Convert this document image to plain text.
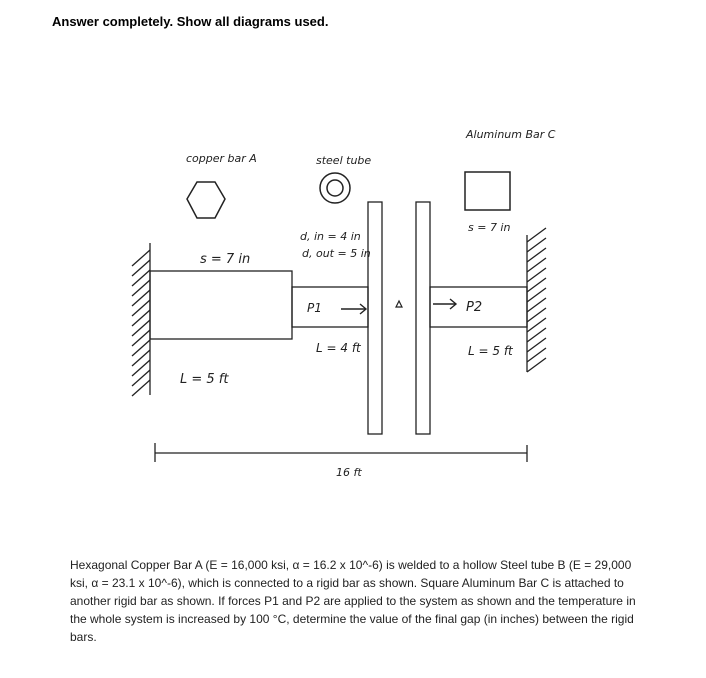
Answer completely. Show all diagrams used.
copper bar A	steel tube
Aluminum Bar C
s = 7 in
d, in = 4 in
d, out = 5 in
s = 7 in
P1	P2
L = 5 ft
L = 4 ft	L = 5 ft
16 ft
Hexagonal Copper Bar A (E = 16,000 ksi, α = 16.2 x 10^-6) is welded to a hollow Steel tube B (E = 29,000 ksi, α = 23.1 x 10^-6), which is connected to a rigid bar as shown. Square Aluminum Bar C is attached to another rigid bar as shown. If forces P1 and P2 are applied to the system as shown and the temperature in the whole system is increased by 100 °C, determine the value of the final gap (in inches) between the rigid bars.
